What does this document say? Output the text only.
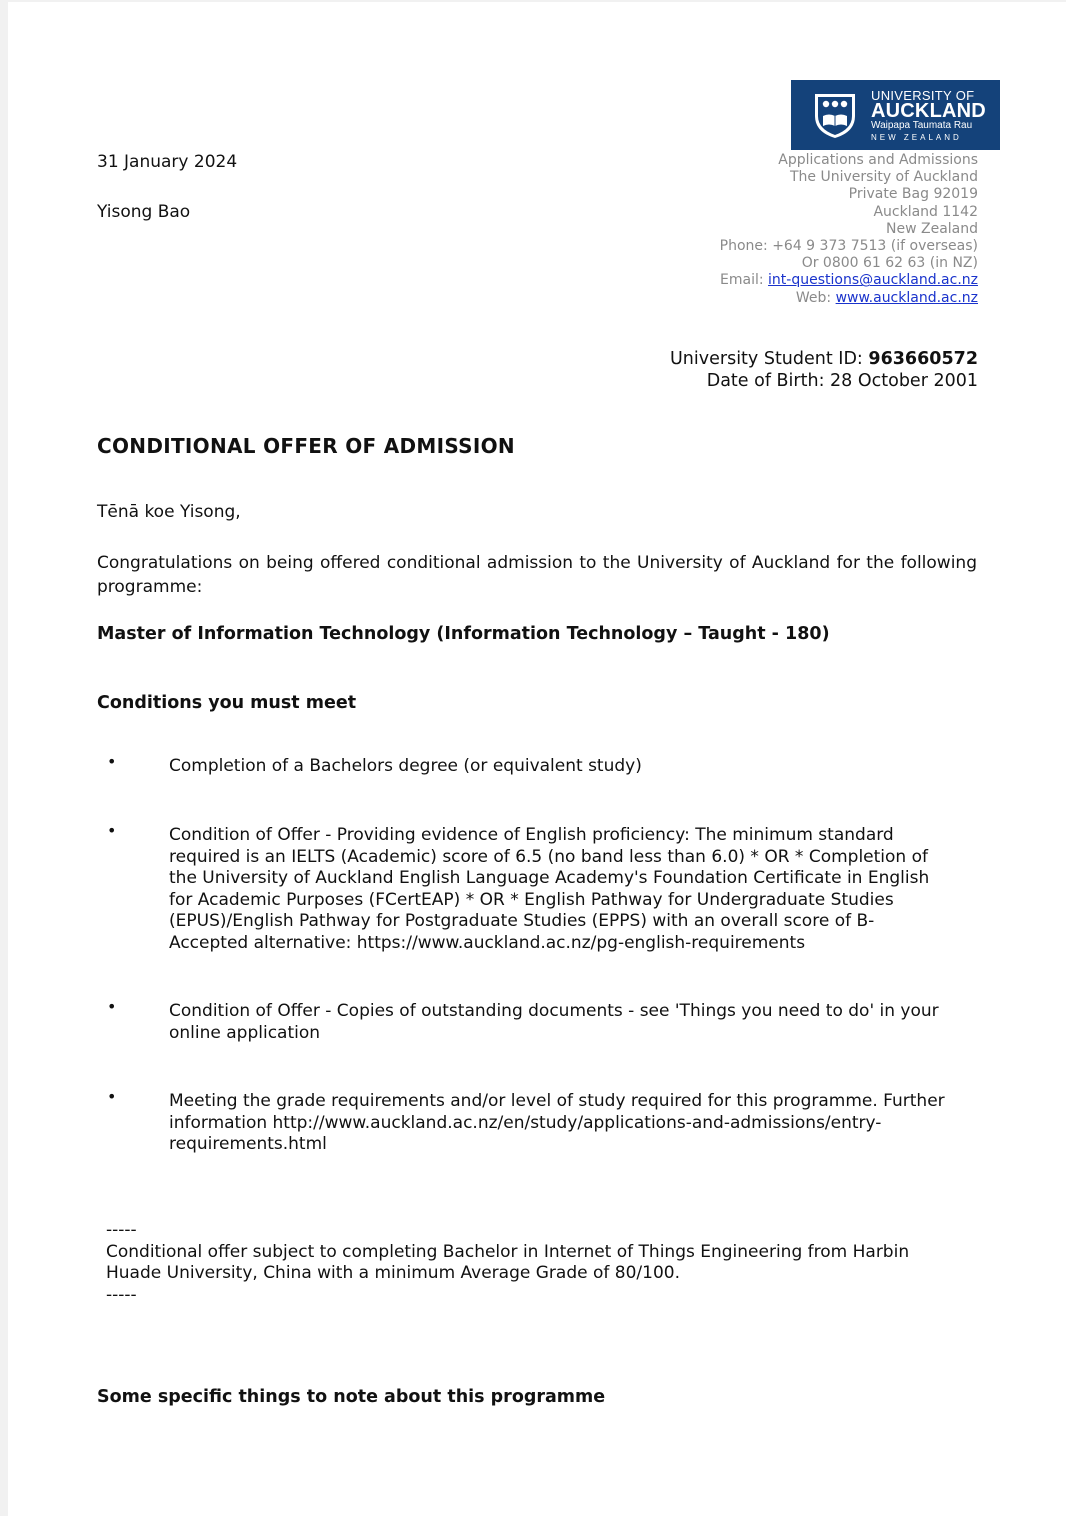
UNIVERSITY OF
AUCKLAND
Waipapa Taumata Rau
NEW ZEALAND
Applications and Admissions
The University of Auckland
Private Bag 92019
Auckland 1142
New Zealand
Phone: +64 9 373 7513 (if overseas)
Or 0800 61 62 63 (in NZ)
Email: int-questions@auckland.ac.nz
Web: www.auckland.ac.nz
31 January 2024
Yisong Bao
University Student ID: 963660572
Date of Birth: 28 October 2001
CONDITIONAL OFFER OF ADMISSION
Tēnā koe Yisong,
Congratulations on being offered conditional admission to the University of Auckland for the following programme:
Master of Information Technology (Information Technology – Taught - 180)
Conditions you must meet
•	Completion of a Bachelors degree (or equivalent study)
•	Condition of Offer - Providing evidence of English proficiency: The minimum standard
required is an IELTS (Academic) score of 6.5 (no band less than 6.0) * OR * Completion of
the University of Auckland English Language Academy's Foundation Certificate in English
for Academic Purposes (FCertEAP) * OR * English Pathway for Undergraduate Studies
(EPUS)/English Pathway for Postgraduate Studies (EPPS) with an overall score of B-
Accepted alternative: https://www.auckland.ac.nz/pg-english-requirements
•	Condition of Offer - Copies of outstanding documents - see 'Things you need to do' in your
online application
•	Meeting the grade requirements and/or level of study required for this programme. Further
information http://www.auckland.ac.nz/en/study/applications-and-admissions/entry-
requirements.html
-----
Conditional offer subject to completing Bachelor in Internet of Things Engineering from Harbin
Huade University, China with a minimum Average Grade of 80/100.
-----
Some specific things to note about this programme
